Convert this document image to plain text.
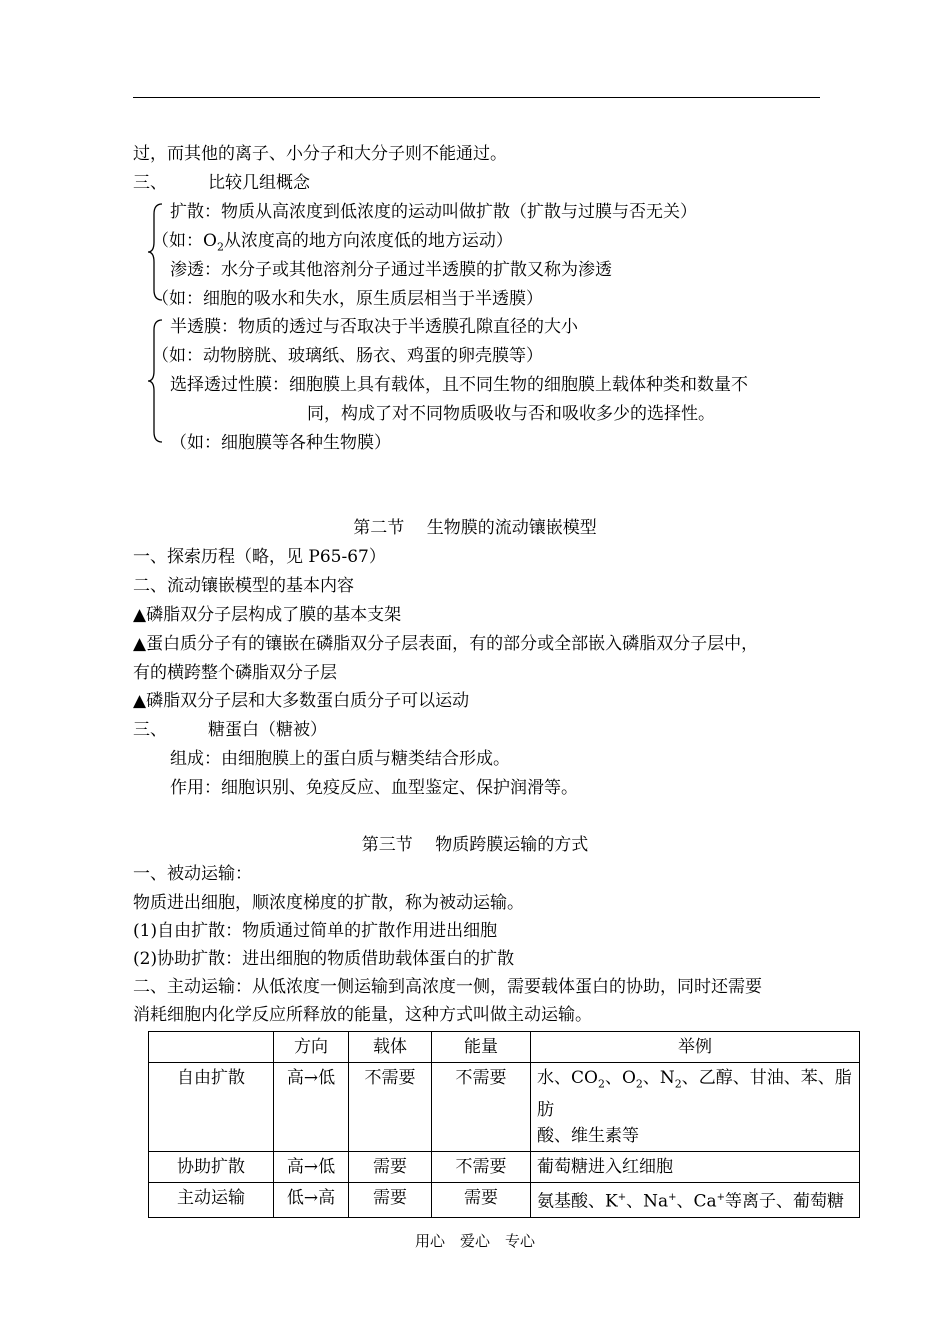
过，而其他的离子、小分子和大分子则不能通过。
三、 比较几组概念
扩散：物质从高浓度到低浓度的运动叫做扩散（扩散与过膜与否无关）
（如：$O_2$从浓度高的地方向浓度低的地方运动）
渗透：水分子或其他溶剂分子通过半透膜的扩散又称为渗透
（如：细胞的吸水和失水，原生质层相当于半透膜）
半透膜：物质的透过与否取决于半透膜孔隙直径的大小
（如：动物膀胱、玻璃纸、肠衣、鸡蛋的卵壳膜等）
选择透过性膜：细胞膜上具有载体，且不同生物的细胞膜上载体种类和数量不
同，构成了对不同物质吸收与否和吸收多少的选择性。
（如：细胞膜等各种生物膜）
第二节　 生物膜的流动镶嵌模型
一、探索历程（略，见 P65-67）
二、流动镶嵌模型的基本内容
▲磷脂双分子层构成了膜的基本支架
▲蛋白质分子有的镶嵌在磷脂双分子层表面，有的部分或全部嵌入磷脂双分子层中，
有的横跨整个磷脂双分子层
▲磷脂双分子层和大多数蛋白质分子可以运动
三、 糖蛋白（糖被）
组成：由细胞膜上的蛋白质与糖类结合形成。
作用：细胞识别、免疫反应、血型鉴定、保护润滑等。
第三节　 物质跨膜运输的方式
一、被动运输：
物质进出细胞，顺浓度梯度的扩散，称为被动运输。
(1)自由扩散：物质通过简单的扩散作用进出细胞
(2)协助扩散：进出细胞的物质借助载体蛋白的扩散
二、主动运输：从低浓度一侧运输到高浓度一侧，需要载体蛋白的协助，同时还需要
消耗细胞内化学反应所释放的能量，这种方式叫做主动运输。
	方向	载体	能量	举例
自由扩散	高→低	不需要	不需要	水、$CO_2$、$O_2$、$N_2$、乙醇、甘油、苯、脂肪
酸、维生素等
协助扩散	高→低	需要	不需要	葡萄糖进入红细胞
主动运输	低→高	需要	需要	氨基酸、K+、Na+、Ca+等离子、葡萄糖
用心　爱心　专心
